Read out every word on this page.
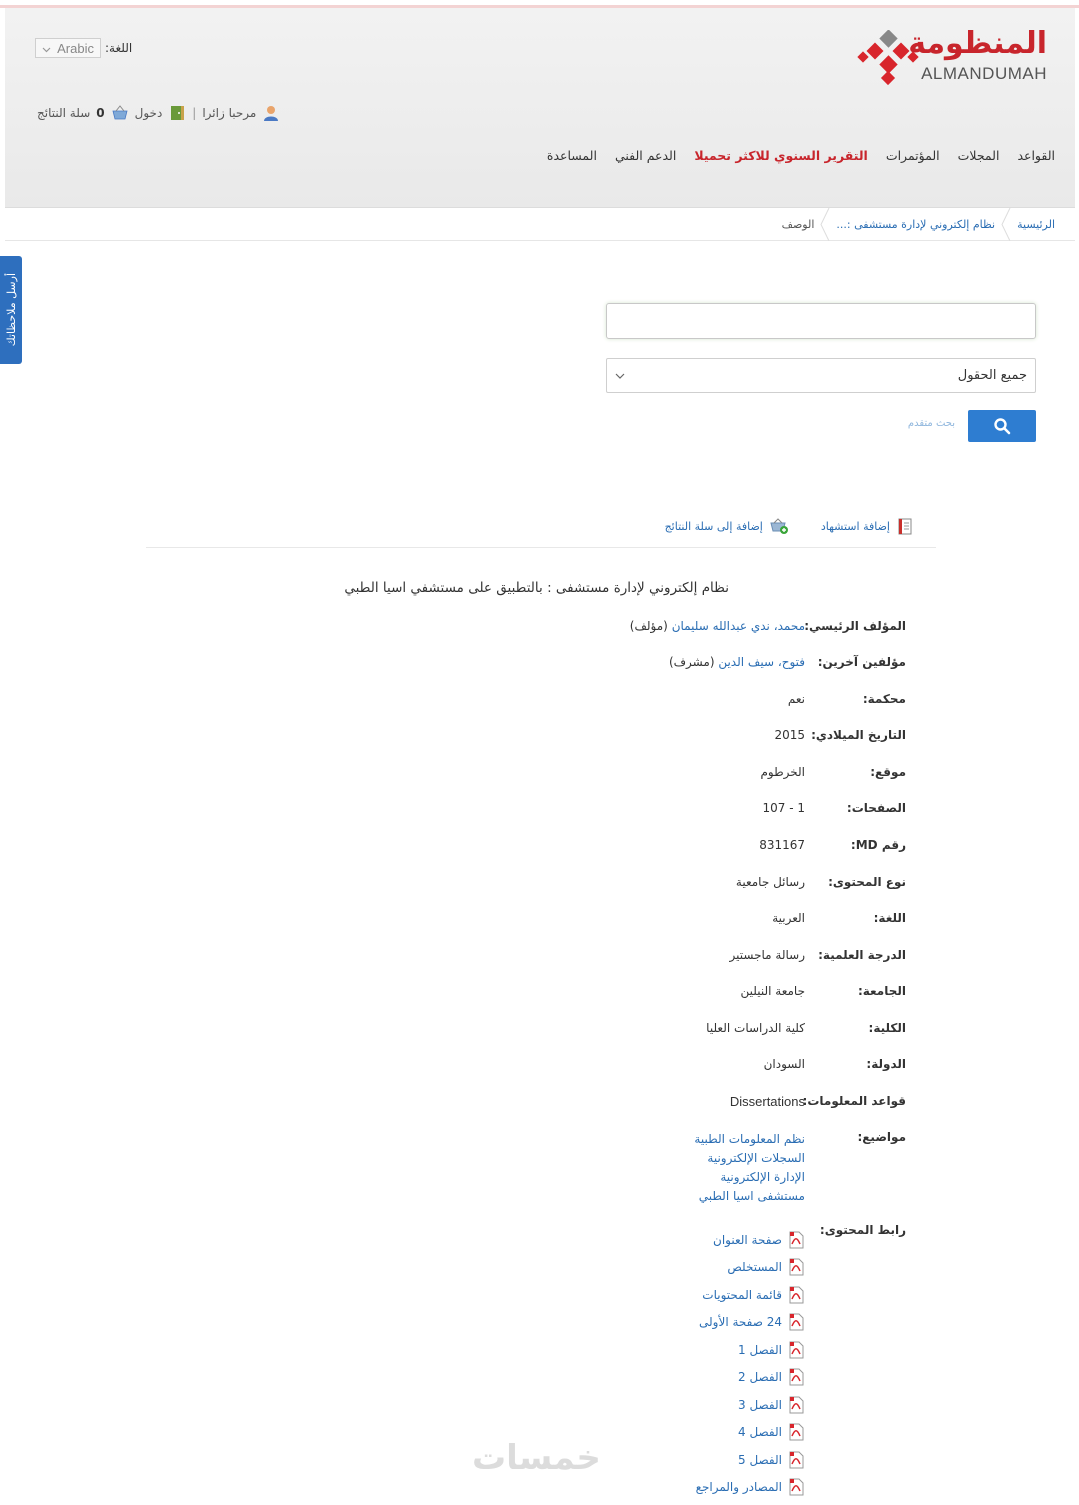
المنظومة
ALMANDUMAH
اللغة:
Arabic
مرحبا زائرا
|
دخول
0
سلة النتائج
القواعد
المجلات
المؤتمرات
التقرير السنوي للاكثر تحميلا
الدعم الفني
المساعدة
الرئيسية
نظام إلكتروني لإدارة مستشفى :...
الوصف
أرسل ملاحظاتك
جميع الحقول
بحث متقدم
إضافة استشهاد
إضافة إلى سلة النتائج
نظام إلكتروني لإدارة مستشفى : بالتطبيق على مستشفي اسيا الطبي
المؤلف الرئيسي:
محمد، ندي عبدالله سليمان (مؤلف)
مؤلفين آخرين:
فتوح، سيف الدين (مشرف)
محكمة:
نعم
التاريخ الميلادي:
2015
موقع:
الخرطوم
الصفحات:
1 - 107
رقم MD:
831167
نوع المحتوى:
رسائل جامعية
اللغة:
العربية
الدرجة العلمية:
رسالة ماجستير
الجامعة:
جامعة النيلين
الكلية:
كلية الدراسات العليا
الدولة:
السودان
قواعد المعلومات:
Dissertations
مواضيع:
نظم المعلومات الطبية
السجلات الإلكترونية
الإدارة الإلكترونية
مستشفى اسيا الطبي
رابط المحتوى:
صفحة العنوان
المستخلص
قائمة المحتويات
24 صفحة الأولى
الفصل 1
الفصل 2
الفصل 3
الفصل 4
الفصل 5
المصادر والمراجع
خمسات
